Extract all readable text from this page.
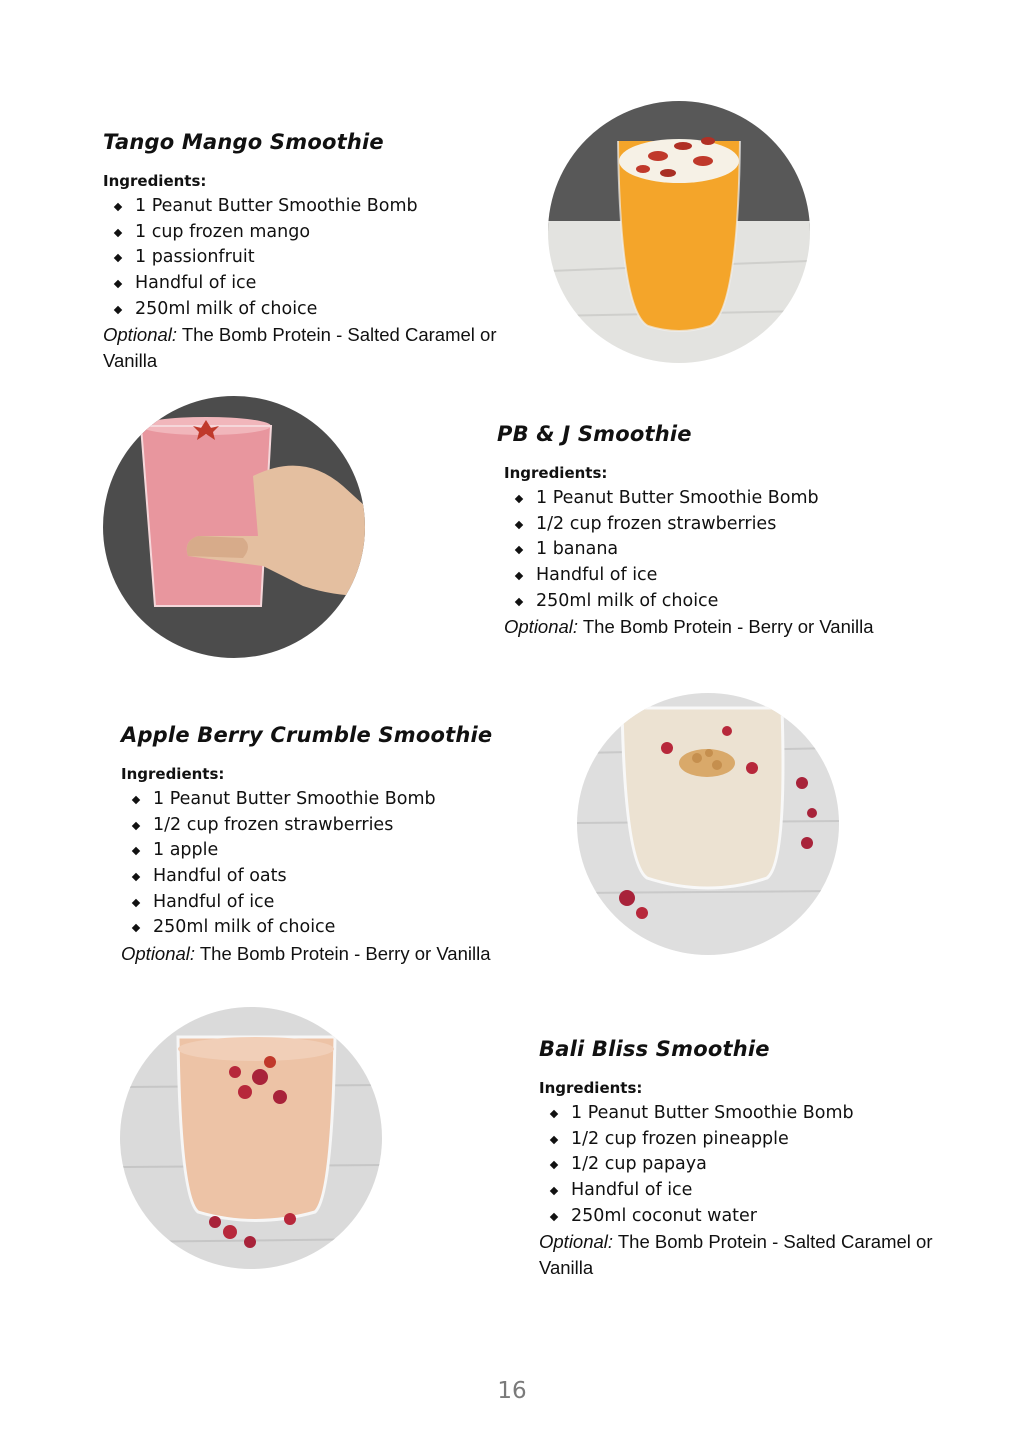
Tango Mango Smoothie
Ingredients:
1 Peanut Butter Smoothie Bomb
1 cup frozen mango
1 passionfruit
Handful of ice
250ml milk of choice
Optional: The Bomb Protein - Salted Caramel or Vanilla
PB & J Smoothie
Ingredients:
1 Peanut Butter Smoothie Bomb
1/2 cup frozen strawberries
1 banana
Handful of ice
250ml milk of choice
Optional: The Bomb Protein - Berry or Vanilla
Apple Berry Crumble Smoothie
Ingredients:
1 Peanut Butter Smoothie Bomb
1/2 cup frozen strawberries
1 apple
Handful of oats
Handful of ice
250ml milk of choice
Optional: The Bomb Protein - Berry or Vanilla
Bali Bliss Smoothie
Ingredients:
1 Peanut Butter Smoothie Bomb
1/2 cup frozen pineapple
1/2 cup papaya
Handful of ice
250ml coconut water
Optional: The Bomb Protein - Salted Caramel or Vanilla
16
